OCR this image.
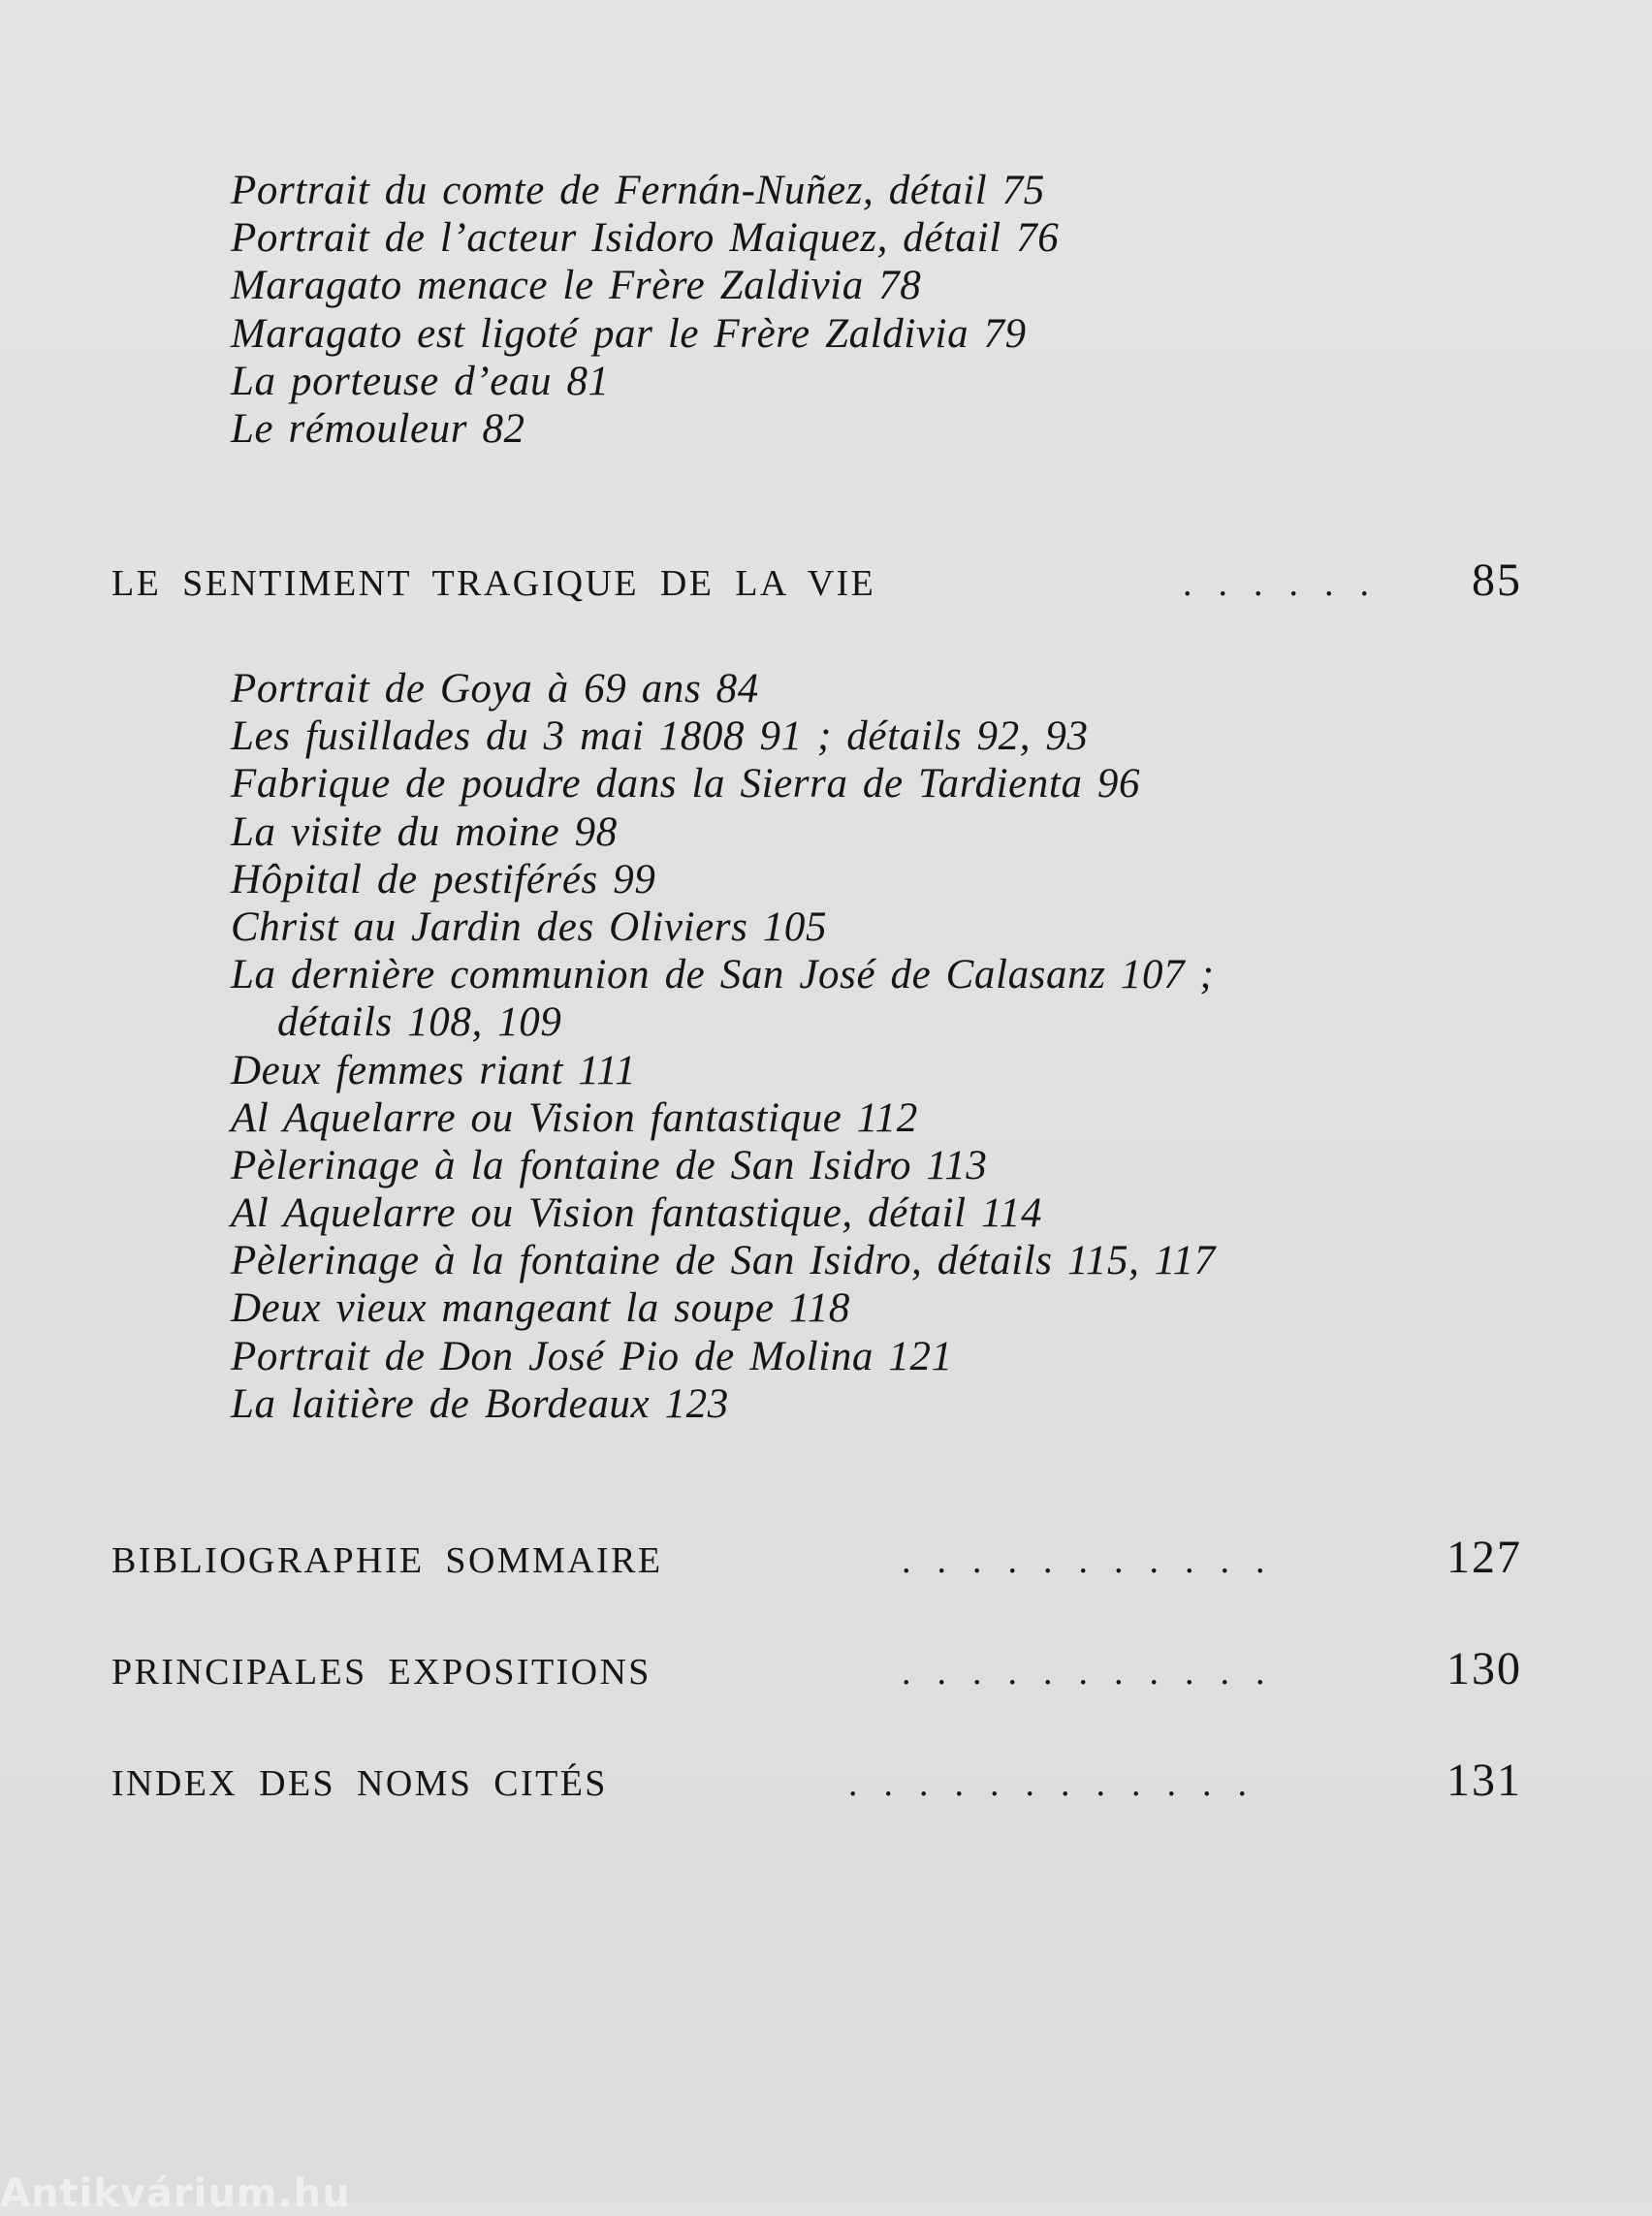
Portrait du comte de Fernán-Nuñez, détail 75
Portrait de l’acteur Isidoro Maiquez, détail 76
Maragato menace le Frère Zaldivia 78
Maragato est ligoté par le Frère Zaldivia 79
La porteuse d’eau 81
Le rémouleur 82
LE SENTIMENT TRAGIQUE DE LA VIE	...... 85
Portrait de Goya à 69 ans 84
Les fusillades du 3 mai 1808 91 ; détails 92, 93
Fabrique de poudre dans la Sierra de Tardienta 96
La visite du moine 98
Hôpital de pestiférés 99
Christ au Jardin des Oliviers 105
La dernière communion de San José de Calasanz 107 ;
détails 108, 109
Deux femmes riant 111
Al Aquelarre ou Vision fantastique 112
Pèlerinage à la fontaine de San Isidro 113
Al Aquelarre ou Vision fantastique, détail 114
Pèlerinage à la fontaine de San Isidro, détails 115, 117
Deux vieux mangeant la soupe 118
Portrait de Don José Pio de Molina 121
La laitière de Bordeaux 123
BIBLIOGRAPHIE SOMMAIRE	...........	127
PRINCIPALES EXPOSITIONS	...........	130
INDEX DES NOMS CITÉS	............	131
Antikvárium.hu
